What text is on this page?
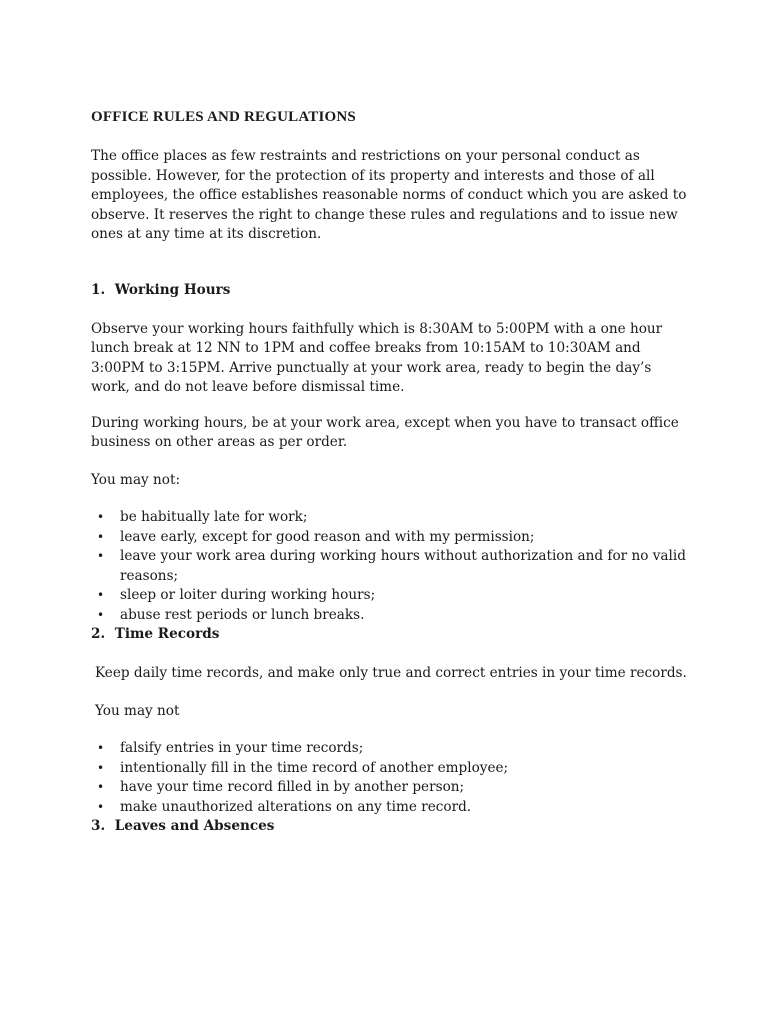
OFFICE RULES AND REGULATIONS

The office places as few restraints and restrictions on your personal conduct as possible. However, for the protection of its property and interests and those of all employees, the office establishes reasonable norms of conduct which you are asked to observe. It reserves the right to change these rules and regulations and to issue new ones at any time at its discretion.

1. Working Hours

Observe your working hours faithfully which is 8:30AM to 5:00PM with a one hour lunch break at 12 NN to 1PM and coffee breaks from 10:15AM to 10:30AM and 3:00PM to 3:15PM. Arrive punctually at your work area, ready to begin the day’s work, and do not leave before dismissal time.

During working hours, be at your work area, except when you have to transact office business on other areas as per order.

You may not:

• be habitually late for work;
• leave early, except for good reason and with my permission;
• leave your work area during working hours without authorization and for no valid reasons;
• sleep or loiter during working hours;
• abuse rest periods or lunch breaks.
2. Time Records

Keep daily time records, and make only true and correct entries in your time records.

You may not

• falsify entries in your time records;
• intentionally fill in the time record of another employee;
• have your time record filled in by another person;
• make unauthorized alterations on any time record.
3. Leaves and Absences
